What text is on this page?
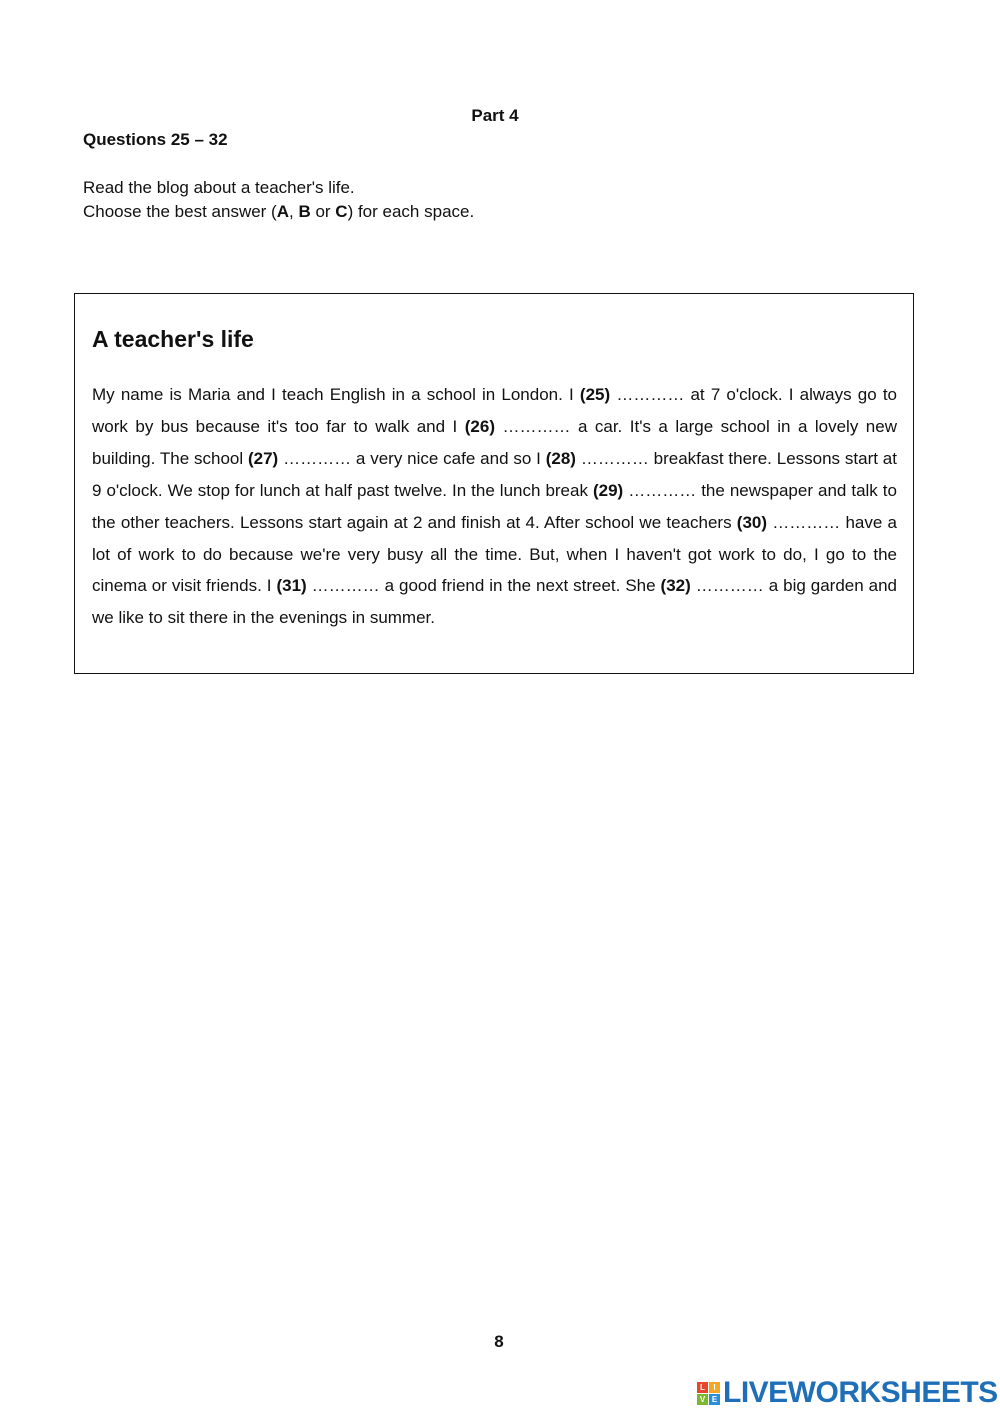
Part 4
Questions 25 – 32

Read the blog about a teacher's life.

Choose the best answer (A, B or C) for each space.

A teacher's life

My name is Maria and I teach English in a school in London. I (25) ………… at 7 o'clock. I always go to work by bus because it's too far to walk and I (26) ………… a car. It's a large school in a lovely new building. The school (27) ………… a very nice cafe and so I (28) ………… breakfast there. Lessons start at 9 o'clock. We stop for lunch at half past twelve. In the lunch break (29) ………… the newspaper and talk to the other teachers. Lessons start again at 2 and finish at 4. After school we teachers (30) ………… have a lot of work to do because we're very busy all the time. But, when I haven't got work to do, I go to the cinema or visit friends. I (31) ………… a good friend in the next street. She (32) ………… a big garden and we like to sit there in the evenings in summer.

8
L	I
V E LIVEWORKSHEETS
